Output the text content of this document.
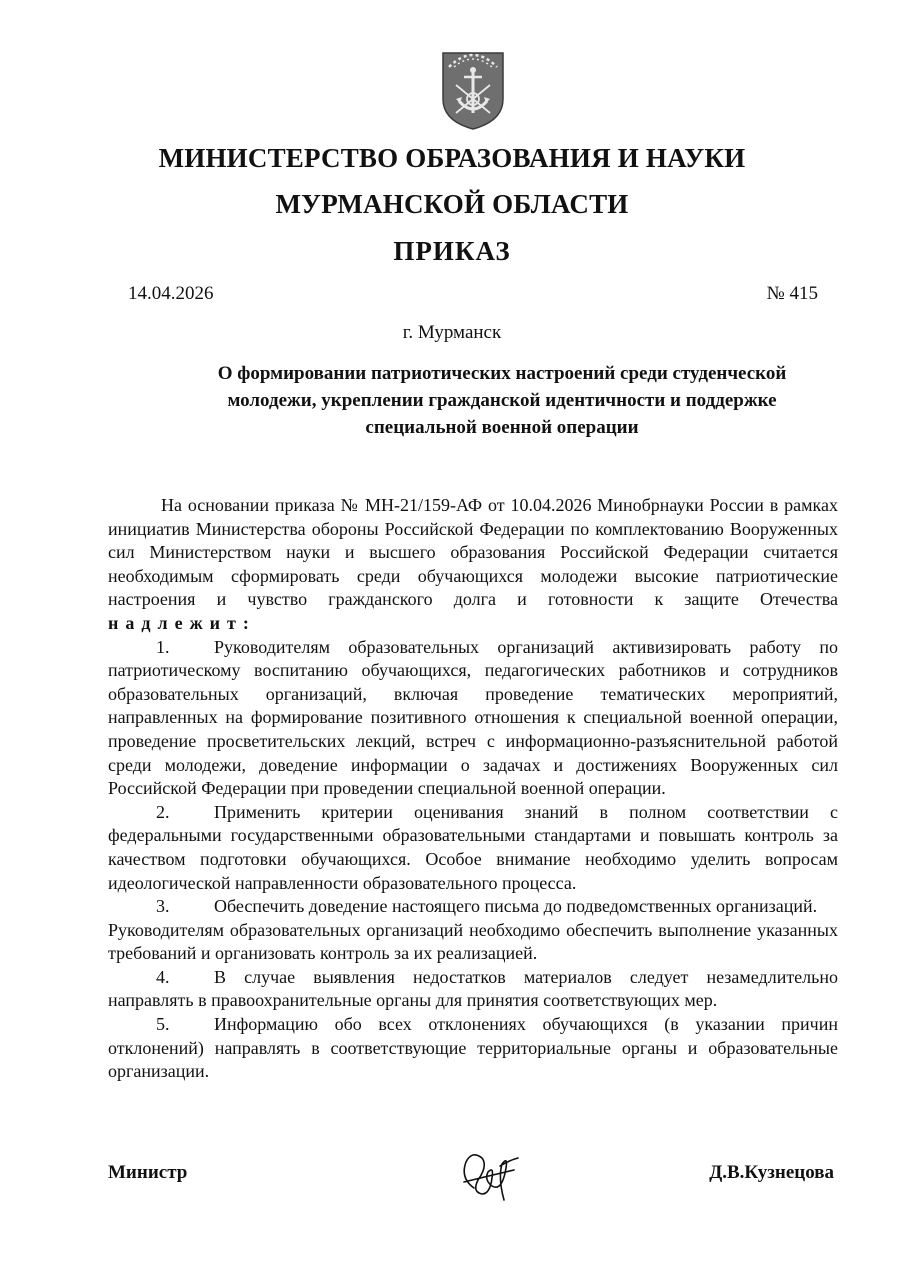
МИНИСТЕРСТВО ОБРАЗОВАНИЯ И НАУКИ
МУРМАНСКОЙ ОБЛАСТИ
ПРИКАЗ
14.04.2026	№ 415
г. Мурманск
О формировании патриотических настроений среди студенческой молодежи, укреплении гражданской идентичности и поддержке специальной военной операции

На основании приказа № МН-21/159-АФ от 10.04.2026 Минобрнауки России в рамках инициатив Министерства обороны Российской Федерации по комплектованию Вооруженных сил Министерством науки и высшего образования Российской Федерации считается необходимым сформировать среди обучающихся молодежи высокие патриотические настроения и чувство гражданского долга и готовности к защите Отечества надлежит:

1. Руководителям образовательных организаций активизировать работу по патриотическому воспитанию обучающихся, педагогических работников и сотрудников образовательных организаций, включая проведение тематических мероприятий, направленных на формирование позитивного отношения к специальной военной операции, проведение просветительских лекций, встреч с информационно-разъяснительной работой среди молодежи, доведение информации о задачах и достижениях Вооруженных сил Российской Федерации при проведении специальной военной операции.

2. Применить критерии оценивания знаний в полном соответствии с федеральными государственными образовательными стандартами и повышать контроль за качеством подготовки обучающихся. Особое внимание необходимо уделить вопросам идеологической направленности образовательного процесса.

3. Обеспечить доведение настоящего письма до подведомственных организаций.

Руководителям образовательных организаций необходимо обеспечить выполнение указанных требований и организовать контроль за их реализацией.

4. В случае выявления недостатков материалов следует незамедлительно направлять в правоохранительные органы для принятия соответствующих мер.

5. Информацию обо всех отклонениях обучающихся (в указании причин отклонений) направлять в соответствующие территориальные органы и образовательные организации.

Министр	Д.В.Кузнецова
